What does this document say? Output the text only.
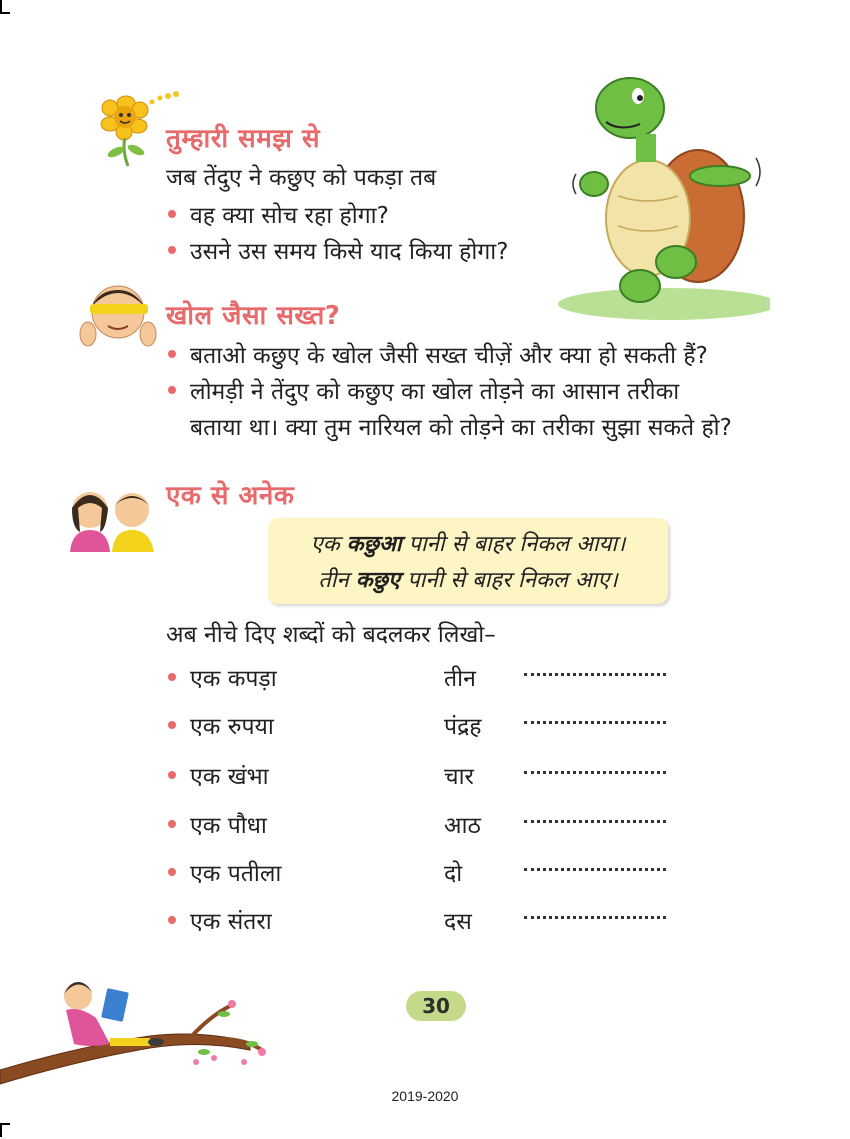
तुम्हारी समझ से
जब तेंदुए ने कछुए को पकड़ा तब
वह क्या सोच रहा होगा?
उसने उस समय किसे याद किया होगा?
खोल जैसा सख्त?
बताओ कछुए के खोल जैसी सख्त चीज़ें और क्या हो सकती हैं?
लोमड़ी ने तेंदुए को कछुए का खोल तोड़ने का आसान तरीका
बताया था। क्या तुम नारियल को तोड़ने का तरीका सुझा सकते हो?
एक से अनेक
एक कछुआ पानी से बाहर निकल आया।
तीन कछुए पानी से बाहर निकल आए।
अब नीचे दिए शब्दों को बदलकर लिखो–
एक कपड़ा	तीन
एक रुपया	पंद्रह
एक खंभा	चार
एक पौधा	आठ
एक पतीला	दो
एक संतरा	दस
30
2019-2020
